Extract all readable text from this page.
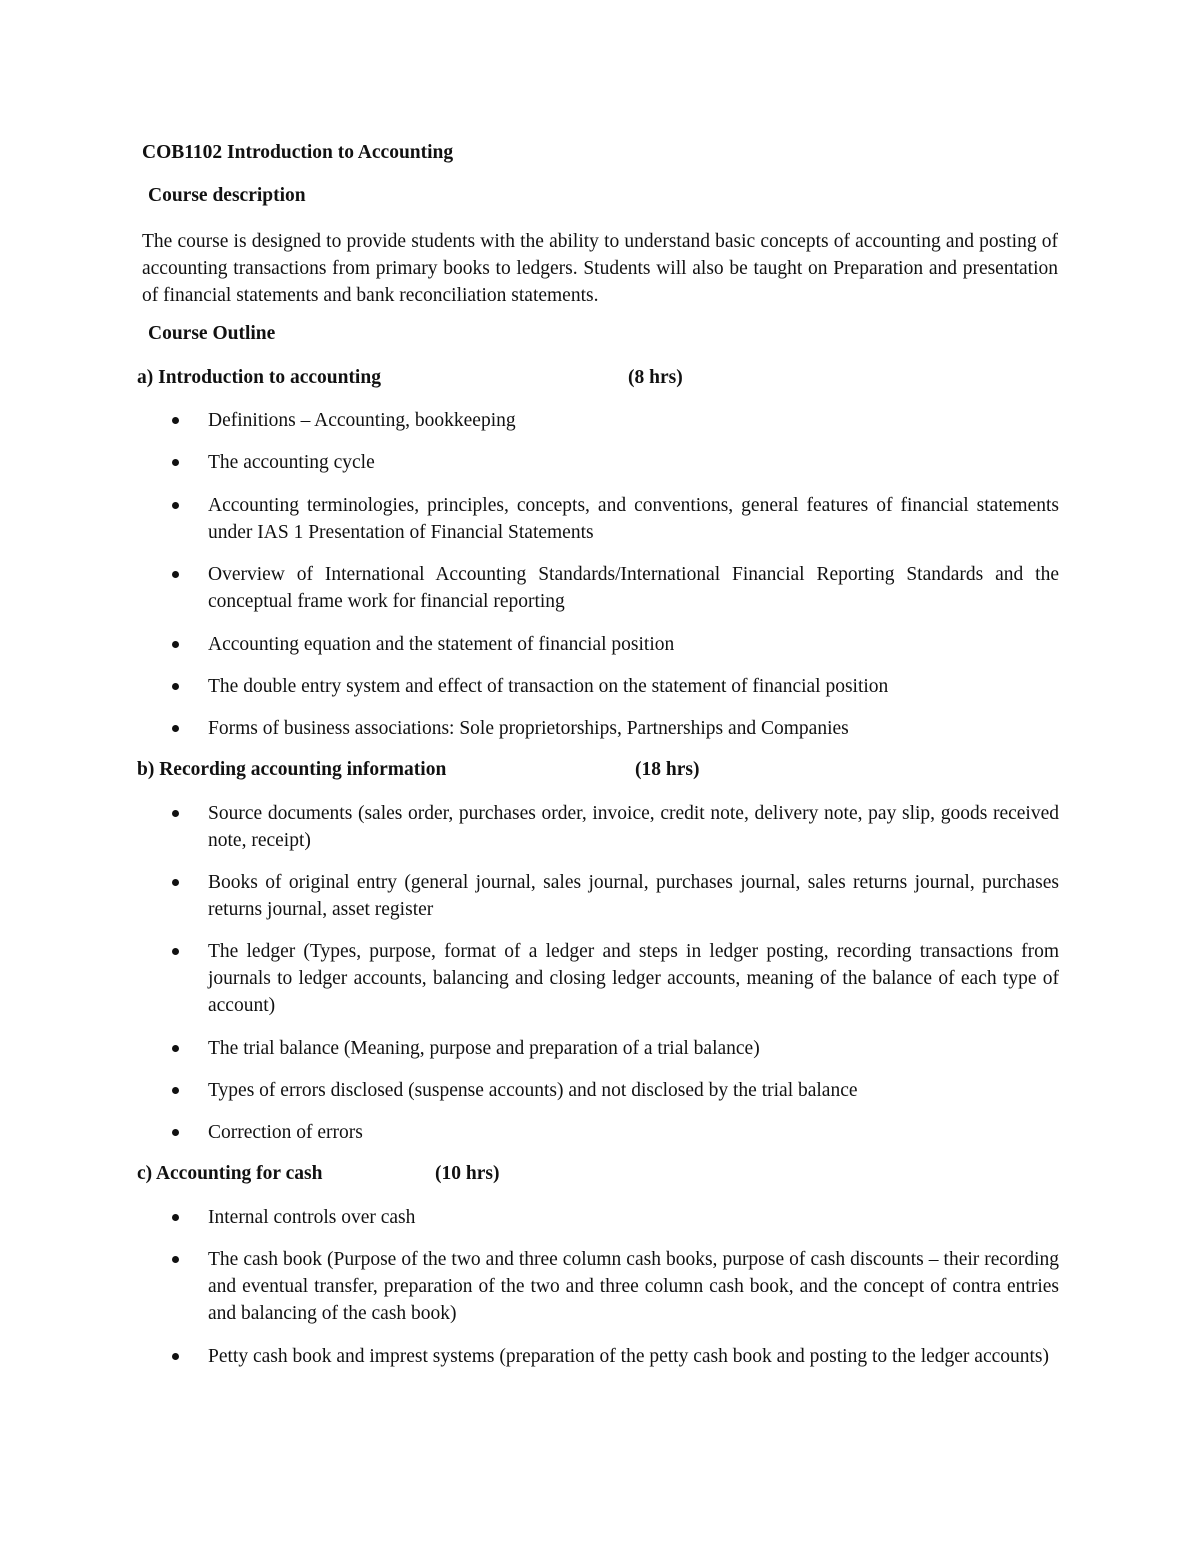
COB1102 Introduction to Accounting
Course description
The course is designed to provide students with the ability to understand basic concepts of accounting and posting of accounting transactions from primary books to ledgers. Students will also be taught on Preparation and presentation of financial statements and bank reconciliation statements.
Course Outline
a) Introduction to accounting	(8 hrs)
Definitions – Accounting, bookkeeping
The accounting cycle
Accounting terminologies, principles, concepts, and conventions, general features of financial statements under IAS 1 Presentation of Financial Statements
Overview of International Accounting Standards/International Financial Reporting Standards and the conceptual frame work for financial reporting
Accounting equation and the statement of financial position
The double entry system and effect of transaction on the statement of financial position
Forms of business associations: Sole proprietorships, Partnerships and Companies
b) Recording accounting information	(18 hrs)
Source documents (sales order, purchases order, invoice, credit note, delivery note, pay slip, goods received note, receipt)
Books of original entry (general journal, sales journal, purchases journal, sales returns journal, purchases returns journal, asset register
The ledger (Types, purpose, format of a ledger and steps in ledger posting, recording transactions from journals to ledger accounts, balancing and closing ledger accounts, meaning of the balance of each type of account)
The trial balance (Meaning, purpose and preparation of a trial balance)
Types of errors disclosed (suspense accounts) and not disclosed by the trial balance
Correction of errors
c) Accounting for cash	(10 hrs)
Internal controls over cash
The cash book (Purpose of the two and three column cash books, purpose of cash discounts – their recording and eventual transfer, preparation of the two and three column cash book, and the concept of contra entries and balancing of the cash book)
Petty cash book and imprest systems (preparation of the petty cash book and posting to the ledger accounts)
